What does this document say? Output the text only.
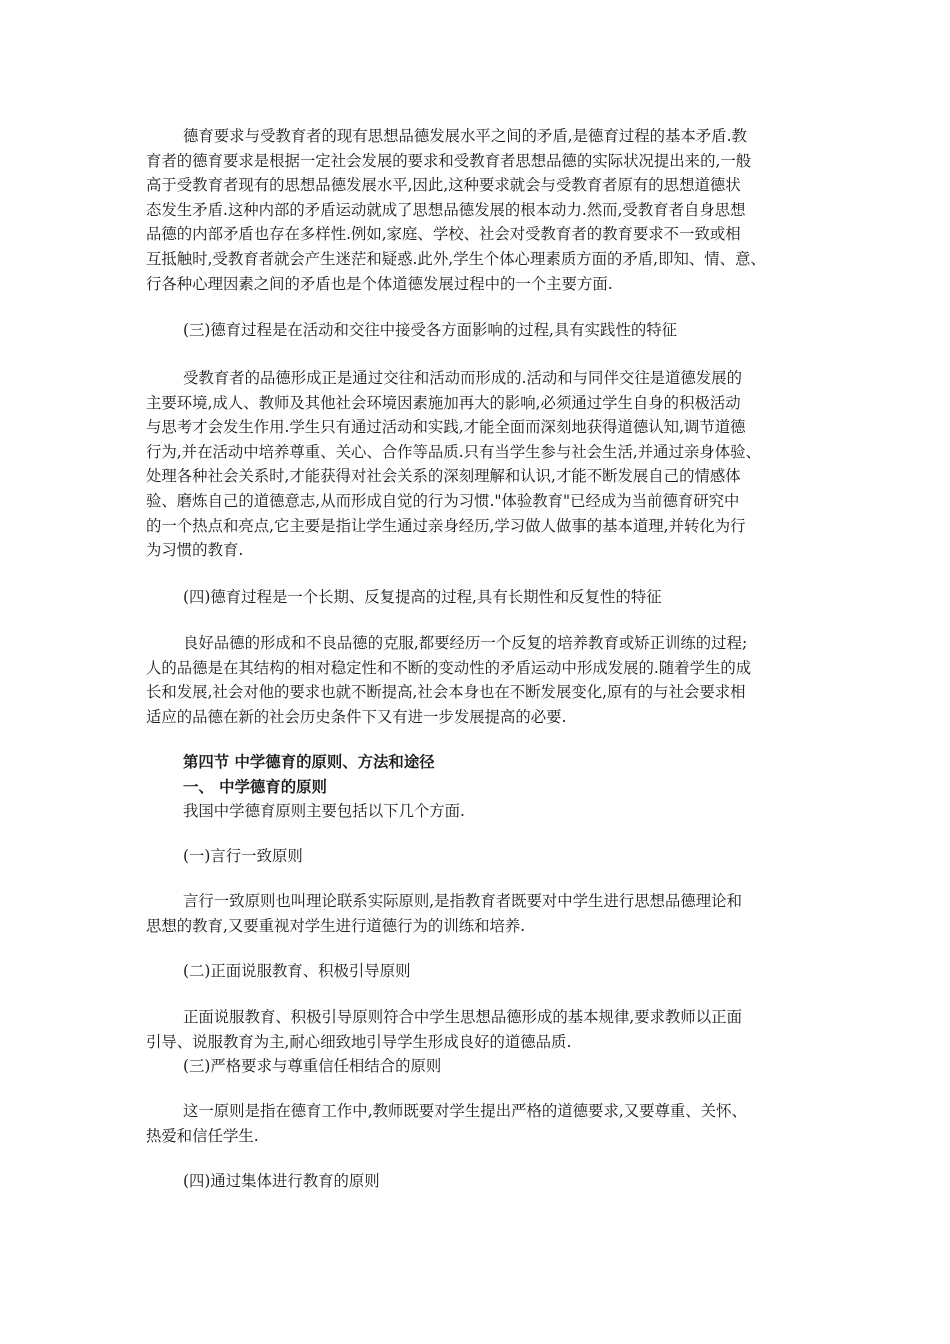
德育要求与受教育者的现有思想品德发展水平之间的矛盾,是德育过程的基本矛盾.教
育者的德育要求是根据一定社会发展的要求和受教育者思想品德的实际状况提出来的,一般
高于受教育者现有的思想品德发展水平,因此,这种要求就会与受教育者原有的思想道德状
态发生矛盾.这种内部的矛盾运动就成了思想品德发展的根本动力.然而,受教育者自身思想
品德的内部矛盾也存在多样性.例如,家庭、学校、社会对受教育者的教育要求不一致或相
互抵触时,受教育者就会产生迷茫和疑惑.此外,学生个体心理素质方面的矛盾,即知、情、意、
行各种心理因素之间的矛盾也是个体道德发展过程中的一个主要方面.
(三)德育过程是在活动和交往中接受各方面影响的过程,具有实践性的特征
受教育者的品德形成正是通过交往和活动而形成的.活动和与同伴交往是道德发展的
主要环境,成人、教师及其他社会环境因素施加再大的影响,必须通过学生自身的积极活动
与思考才会发生作用.学生只有通过活动和实践,才能全面而深刻地获得道德认知,调节道德
行为,并在活动中培养尊重、关心、合作等品质.只有当学生参与社会生活,并通过亲身体验、
处理各种社会关系时,才能获得对社会关系的深刻理解和认识,才能不断发展自己的情感体
验、磨炼自己的道德意志,从而形成自觉的行为习惯."体验教育"已经成为当前德育研究中
的一个热点和亮点,它主要是指让学生通过亲身经历,学习做人做事的基本道理,并转化为行
为习惯的教育.
(四)德育过程是一个长期、反复提高的过程,具有长期性和反复性的特征
良好品德的形成和不良品德的克服,都要经历一个反复的培养教育或矫正训练的过程;
人的品德是在其结构的相对稳定性和不断的变动性的矛盾运动中形成发展的.随着学生的成
长和发展,社会对他的要求也就不断提高,社会本身也在不断发展变化,原有的与社会要求相
适应的品德在新的社会历史条件下又有进一步发展提高的必要.
第四节 中学德育的原则、方法和途径
一、 中学德育的原则
我国中学德育原则主要包括以下几个方面.
(一)言行一致原则
言行一致原则也叫理论联系实际原则,是指教育者既要对中学生进行思想品德理论和
思想的教育,又要重视对学生进行道德行为的训练和培养.
(二)正面说服教育、积极引导原则
正面说服教育、积极引导原则符合中学生思想品德形成的基本规律,要求教师以正面
引导、说服教育为主,耐心细致地引导学生形成良好的道德品质.
(三)严格要求与尊重信任相结合的原则
这一原则是指在德育工作中,教师既要对学生提出严格的道德要求,又要尊重、关怀、
热爱和信任学生.
(四)通过集体进行教育的原则
